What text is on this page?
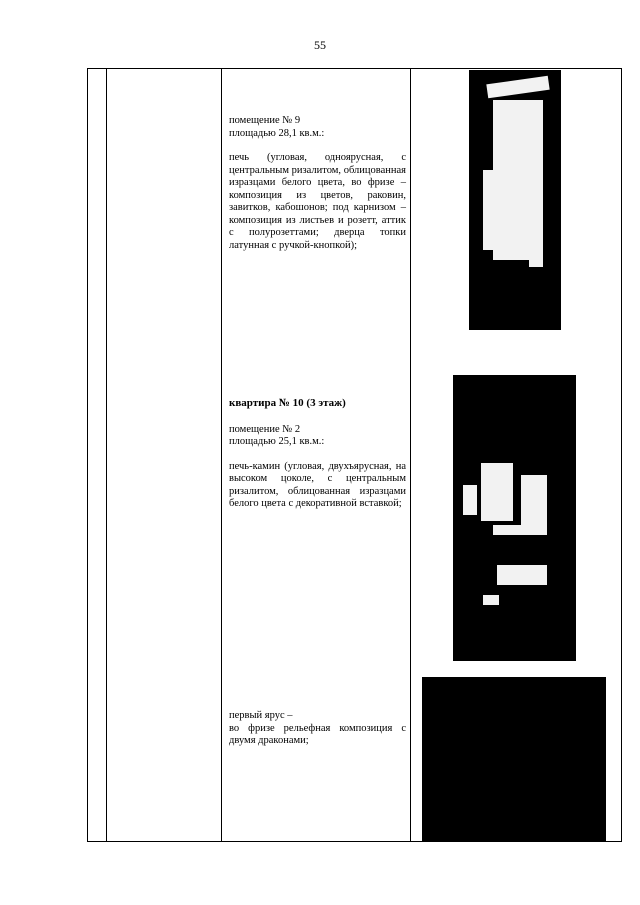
55

помещение № 9
площадью 28,1 кв.м.:

печь (угловая, одноярусная, с центральным ризалитом, облицованная изразцами белого цвета, во фризе – композиция из цветов, раковин, завитков, кабошонов; под карнизом – композиция из листьев и розетт, аттик с полурозеттами; дверца топки латунная с ручкой-кнопкой);

квартира № 10 (3 этаж)

помещение № 2
площадью 25,1 кв.м.:

печь-камин (угловая, двухъярусная, на высоком цоколе, с центральным ризалитом, облицованная изразцами белого цвета с декоративной вставкой;

первый ярус –
во фризе рельефная композиция с двумя драконами;
